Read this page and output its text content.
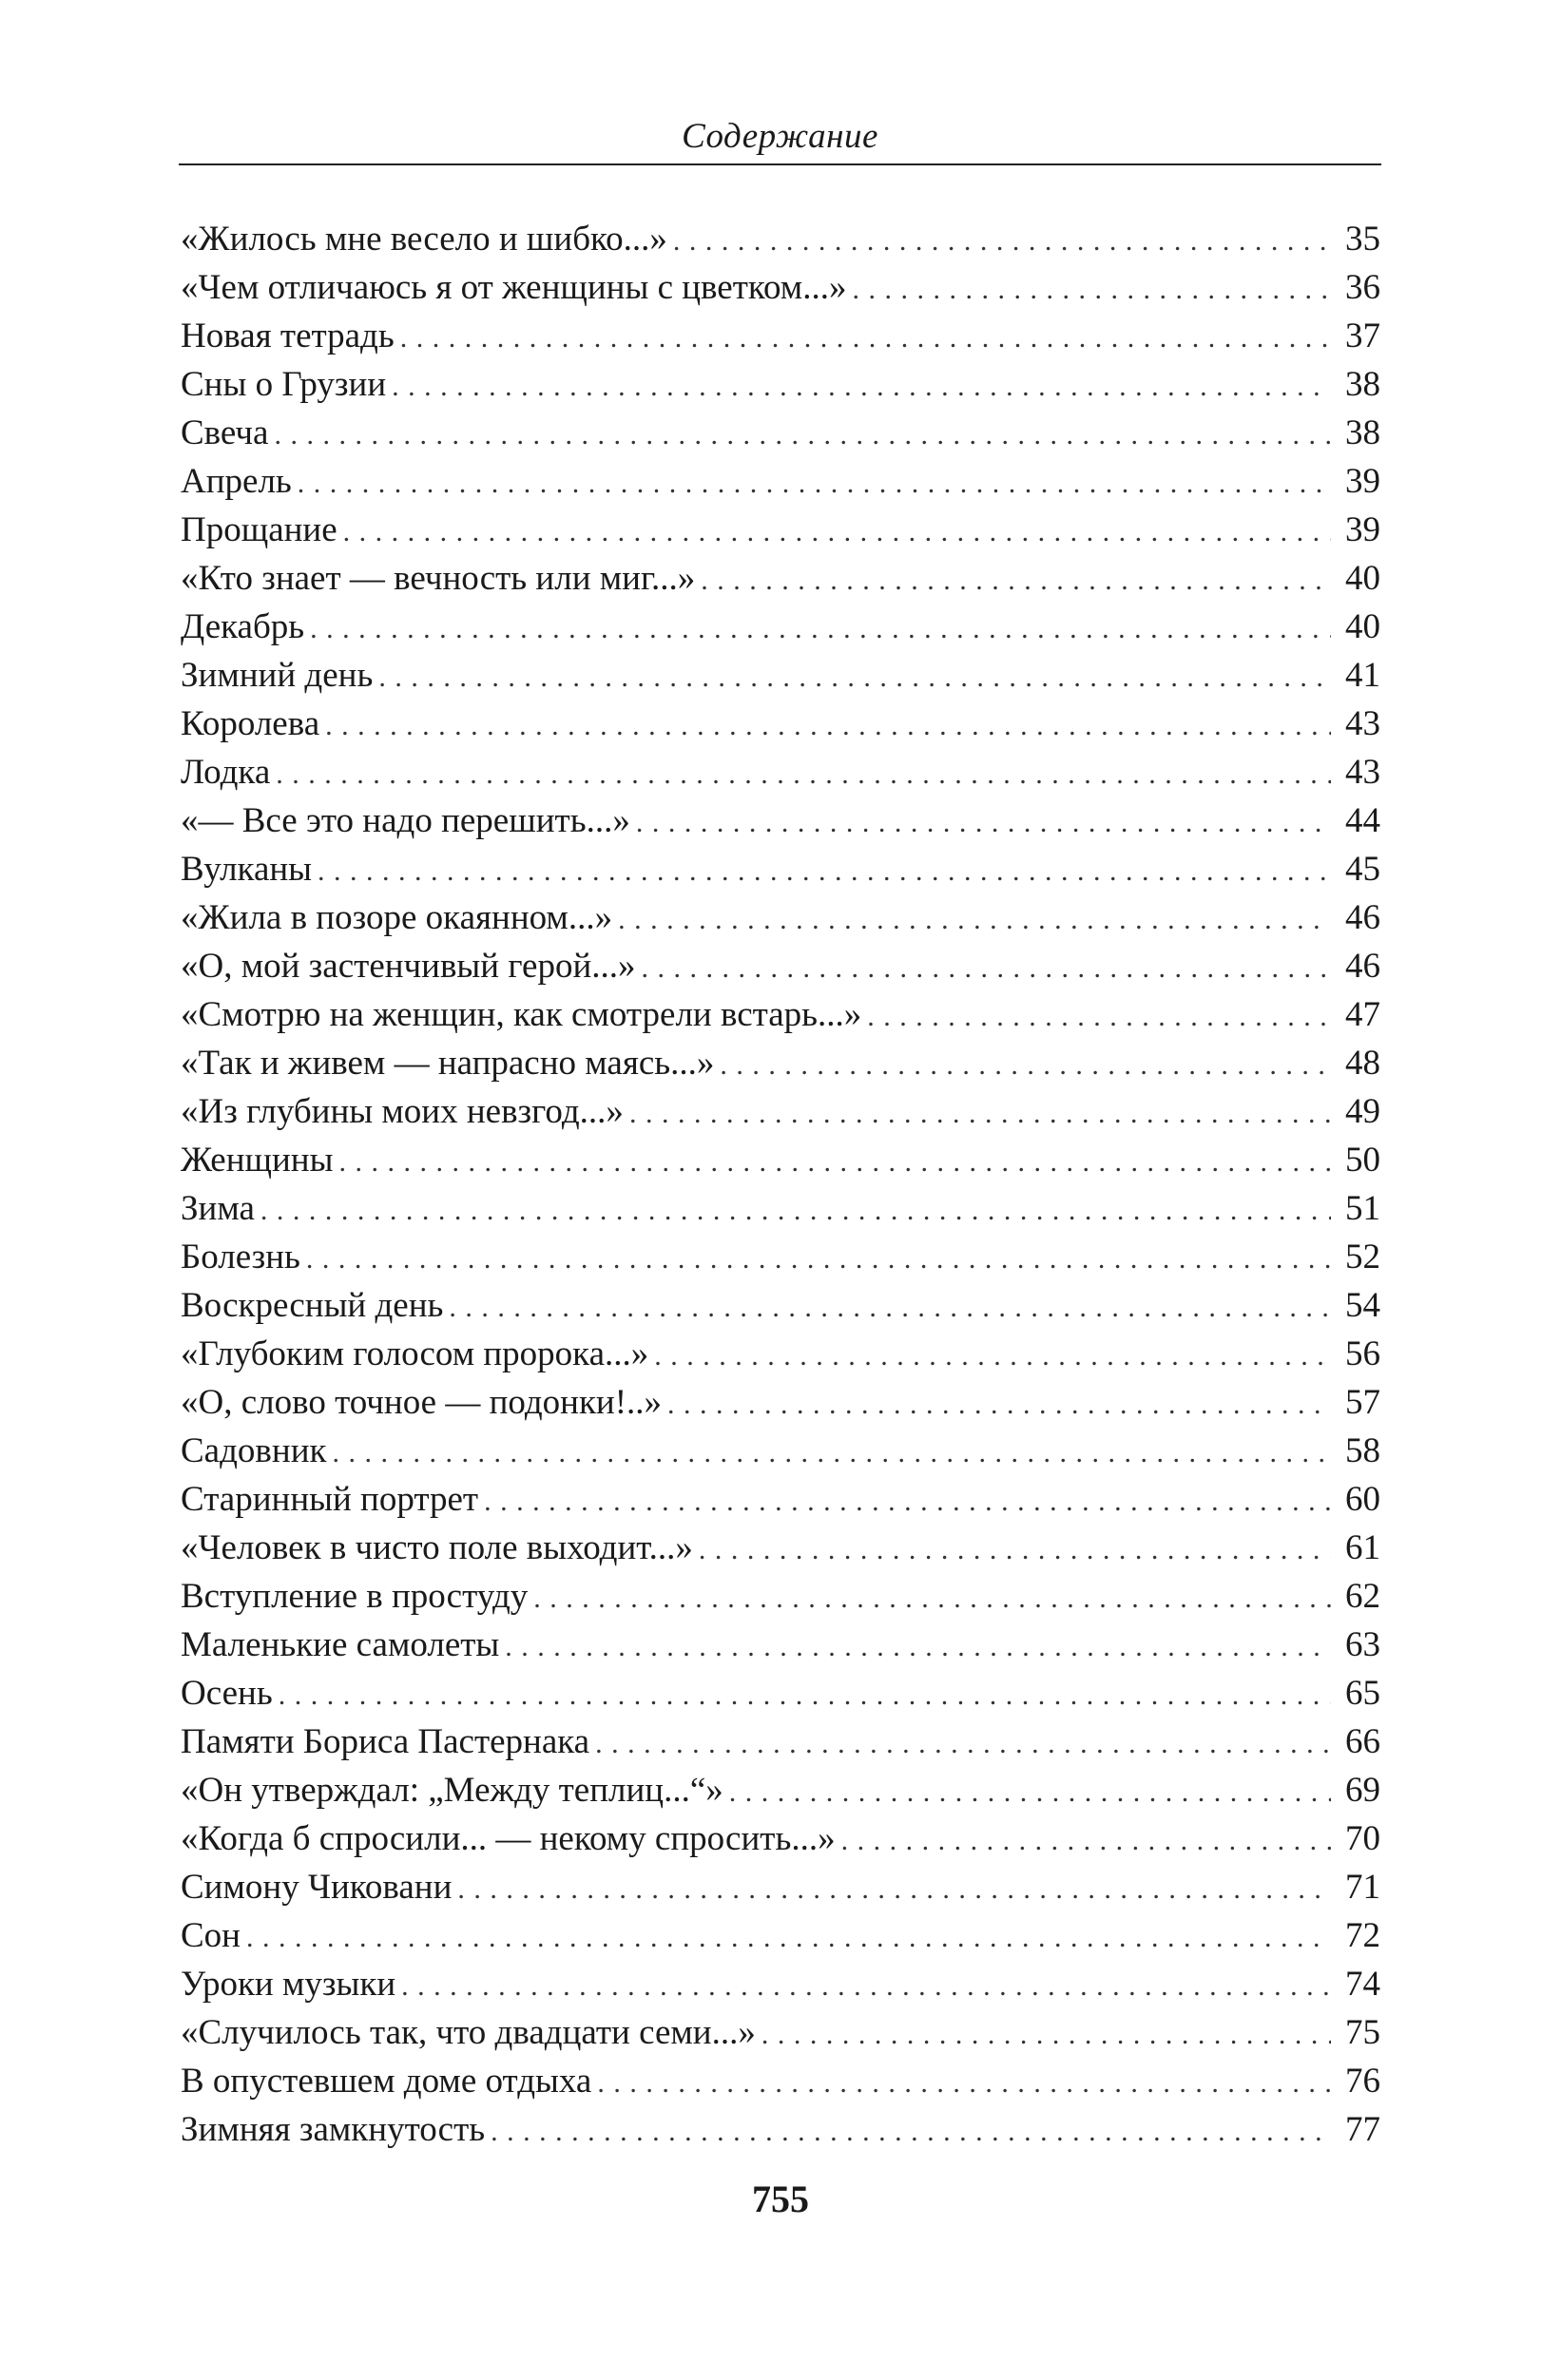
Содержание
«Жилось мне весело и шибко...» . . .	35
«Чем отличаюсь я от женщины с цветком...» . . .	36
Новая тетрадь . . .	37
Сны о Грузии . . .	38
Свеча . . .	38
Апрель . . .	39
Прощание . . .	39
«Кто знает — вечность или миг...» . . .	40
Декабрь . . .	40
Зимний день . . .	41
Королева . . .	43
Лодка . . .	43
«— Все это надо перешить...» . . .	44
Вулканы . . .	45
«Жила в позоре окаянном...» . . .	46
«О, мой застенчивый герой...» . . .	46
«Смотрю на женщин, как смотрели встарь...» . . .	47
«Так и живем — напрасно маясь...» . . .	48
«Из глубины моих невзгод...» . . .	49
Женщины . . .	50
Зима . . .	51
Болезнь . . .	52
Воскресный день . . .	54
«Глубоким голосом пророка...» . . .	56
«О, слово точное — подонки!..» . . .	57
Садовник . . .	58
Старинный портрет . . .	60
«Человек в чисто поле выходит...» . . .	61
Вступление в простуду . . .	62
Маленькие самолеты . . .	63
Осень . . .	65
Памяти Бориса Пастернака . . .	66
«Он утверждал: „Между теплиц...“» . . .	69
«Когда б спросили... — некому спросить...» . . .	70
Симону Чиковани . . .	71
Сон . . .	72
Уроки музыки . . .	74
«Случилось так, что двадцати семи...» . . .	75
В опустевшем доме отдыха . . .	76
Зимняя замкнутость . . .	77
755
